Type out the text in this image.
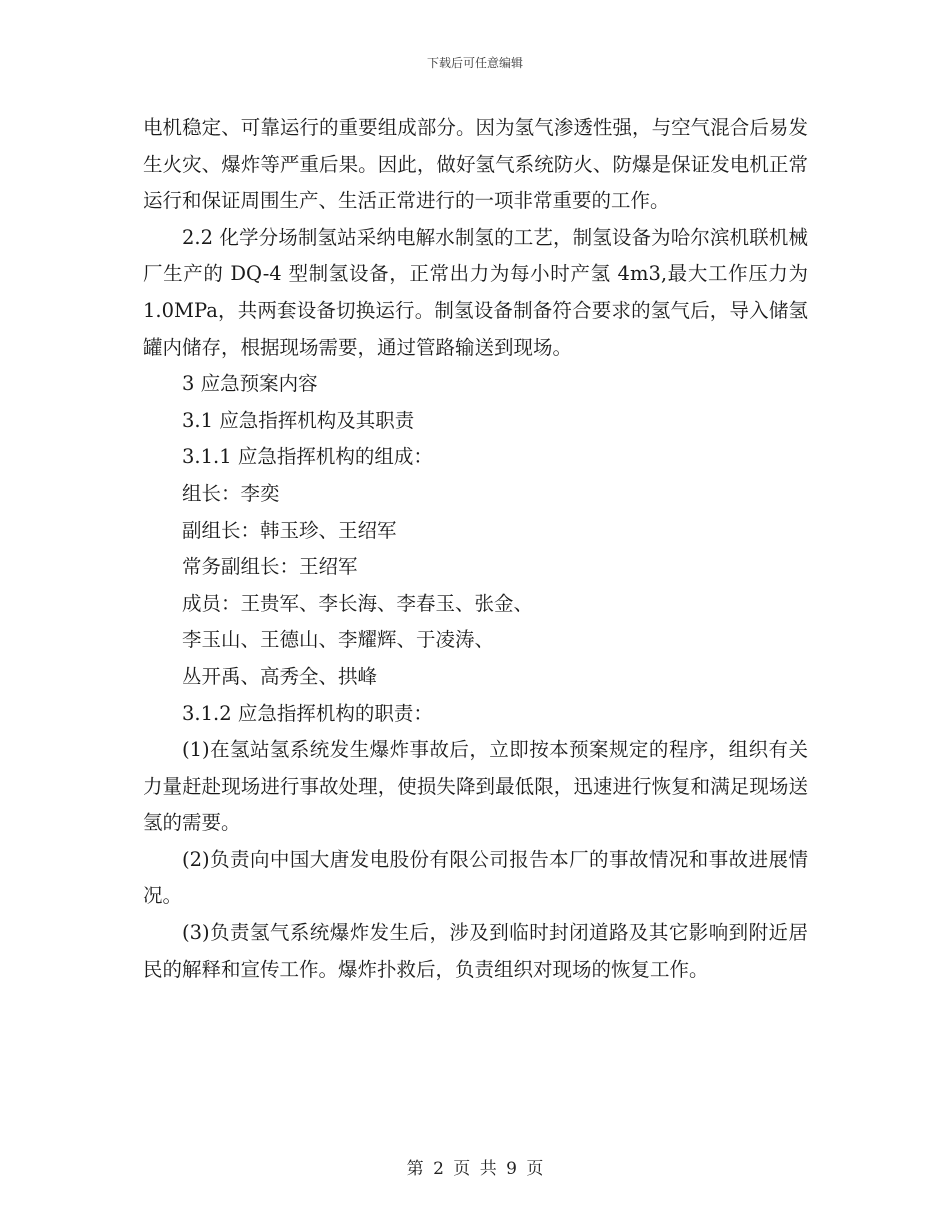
下载后可任意编辑

电机稳定、可靠运行的重要组成部分。因为氢气渗透性强，与空气混合后易发生火灾、爆炸等严重后果。因此，做好氢气系统防火、防爆是保证发电机正常运行和保证周围生产、生活正常进行的一项非常重要的工作。

2.2 化学分场制氢站采纳电解水制氢的工艺，制氢设备为哈尔滨机联机械厂生产的 DQ-4 型制氢设备，正常出力为每小时产氢 4m3,最大工作压力为 1.0MPa，共两套设备切换运行。制氢设备制备符合要求的氢气后，导入储氢罐内储存，根据现场需要，通过管路输送到现场。

3 应急预案内容

3.1 应急指挥机构及其职责

3.1.1 应急指挥机构的组成：

组长：李奕

副组长：韩玉珍、王绍军

常务副组长：王绍军

成员：王贵军、李长海、李春玉、张金、

李玉山、王德山、李耀辉、于凌涛、

丛开禹、高秀全、拱峰

3.1.2 应急指挥机构的职责：

(1)在氢站氢系统发生爆炸事故后，立即按本预案规定的程序，组织有关力量赶赴现场进行事故处理，使损失降到最低限，迅速进行恢复和满足现场送氢的需要。

(2)负责向中国大唐发电股份有限公司报告本厂的事故情况和事故进展情况。

(3)负责氢气系统爆炸发生后，涉及到临时封闭道路及其它影响到附近居民的解释和宣传工作。爆炸扑救后，负责组织对现场的恢复工作。

第 2 页 共 9 页
